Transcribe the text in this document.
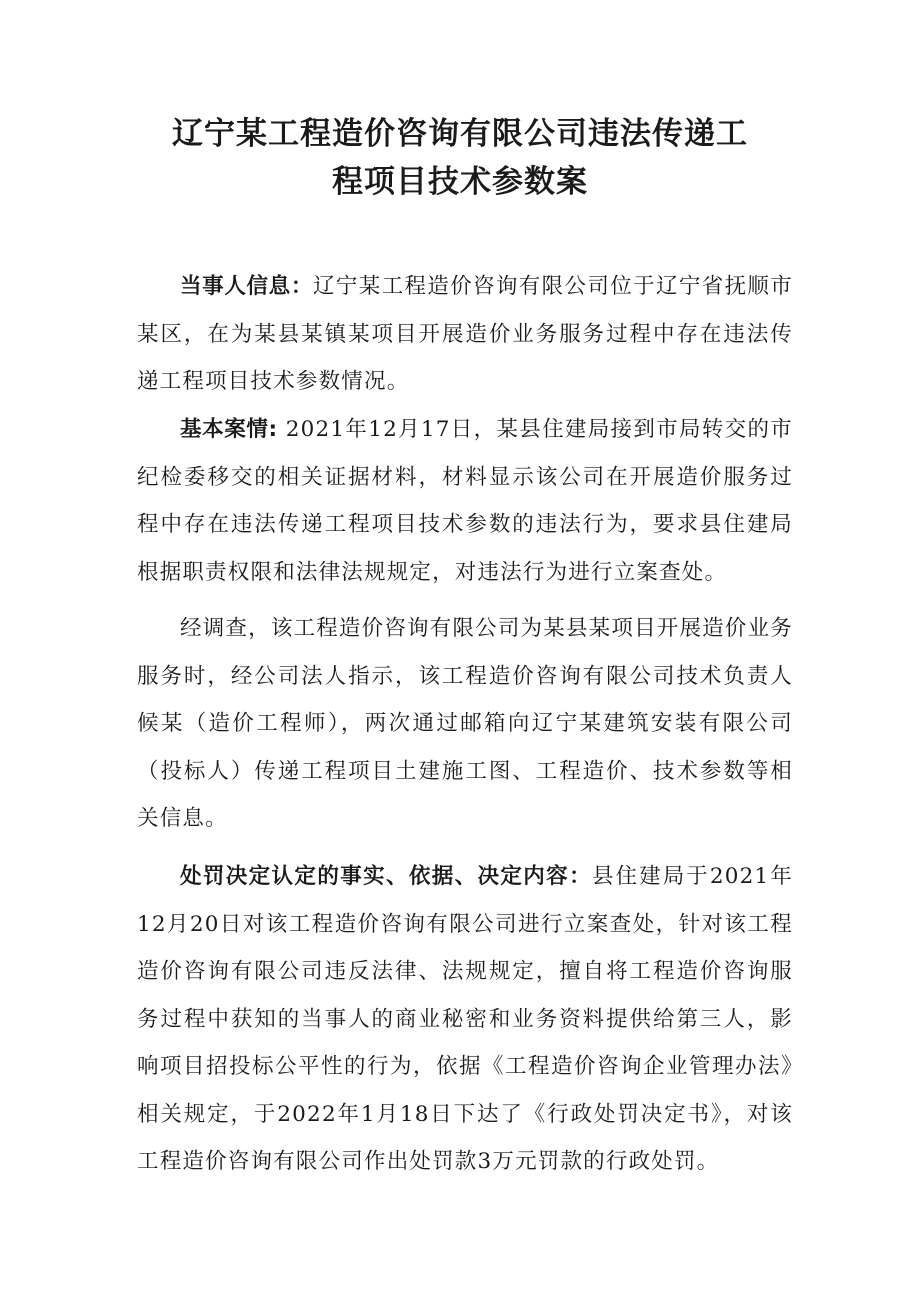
辽宁某工程造价咨询有限公司违法传递工
程项目技术参数案

当事人信息：辽宁某工程造价咨询有限公司位于辽宁省抚顺市某区，在为某县某镇某项目开展造价业务服务过程中存在违法传递工程项目技术参数情况。

基本案情: 2021年12月17日，某县住建局接到市局转交的市纪检委移交的相关证据材料，材料显示该公司在开展造价服务过程中存在违法传递工程项目技术参数的违法行为，要求县住建局根据职责权限和法律法规规定，对违法行为进行立案查处。

经调查，该工程造价咨询有限公司为某县某项目开展造价业务服务时，经公司法人指示，该工程造价咨询有限公司技术负责人候某（造价工程师），两次通过邮箱向辽宁某建筑安装有限公司（投标人）传递工程项目土建施工图、工程造价、技术参数等相关信息。

处罚决定认定的事实、依据、决定内容：县住建局于2021年12月20日对该工程造价咨询有限公司进行立案查处，针对该工程造价咨询有限公司违反法律、法规规定，擅自将工程造价咨询服务过程中获知的当事人的商业秘密和业务资料提供给第三人，影响项目招投标公平性的行为，依据《工程造价咨询企业管理办法》相关规定，于2022年1月18日下达了《行政处罚决定书》，对该工程造价咨询有限公司作出处罚款3万元罚款的行政处罚。
